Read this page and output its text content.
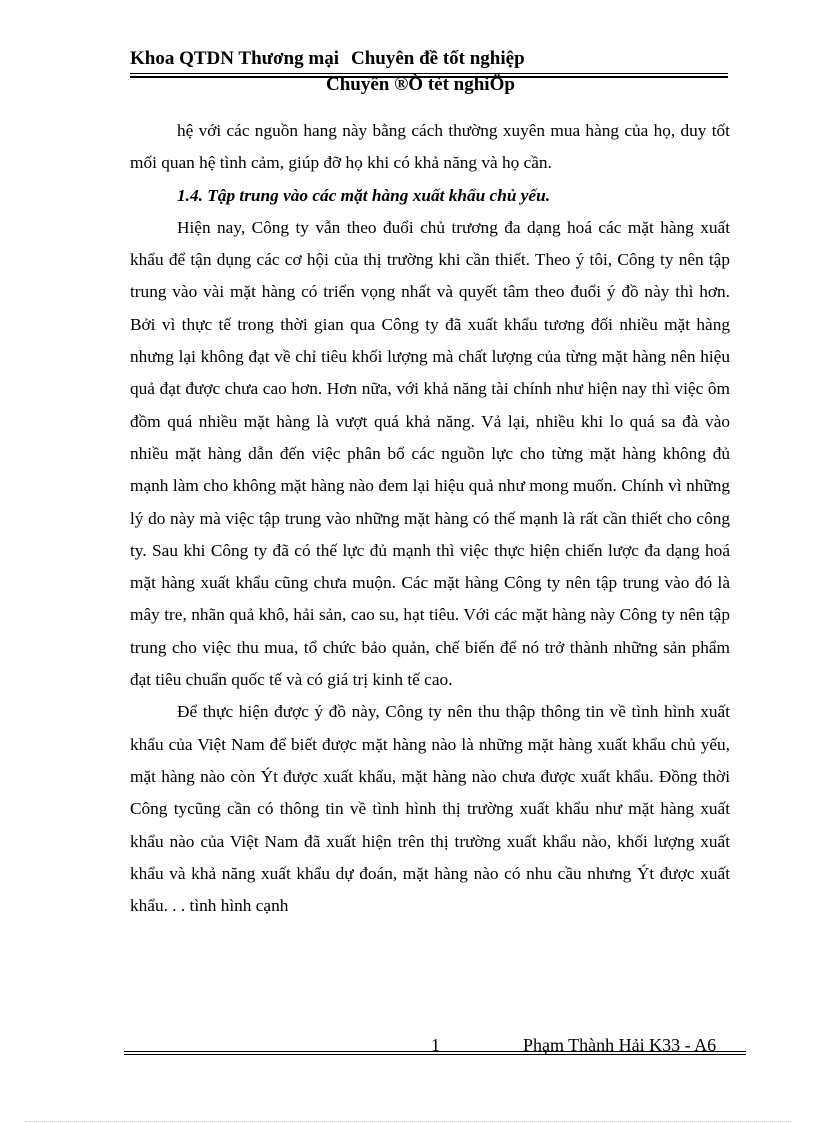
Khoa QTDN Thương mại Chuyên đề tốt nghiệp
Chuyên ®Ò tèt nghiÖp

hệ với các nguồn hang này bằng cách thường xuyên mua hàng của họ, duy tốt mối quan hệ tình cảm, giúp đỡ họ khi có khả năng và họ cần.

1.4. Tập trung vào các mặt hàng xuất khẩu chủ yếu.

Hiện nay, Công ty vẫn theo đuổi chủ trương đa dạng hoá các mặt hàng xuất khẩu để tận dụng các cơ hội của thị trường khi cần thiết. Theo ý tôi, Công ty nên tập trung vào vài mặt hàng có triển vọng nhất và quyết tâm theo đuổi ý đồ này thì hơn. Bởi vì thực tế trong thời gian qua Công ty đã xuất khẩu tương đối nhiều mặt hàng nhưng lại không đạt về chỉ tiêu khối lượng mà chất lượng của từng mặt hàng nên hiệu quả đạt được chưa cao hơn. Hơn nữa, với khả năng tài chính như hiện nay thì việc ôm đồm quá nhiều mặt hàng là vượt quá khả năng. Vả lại, nhiều khi lo quá sa đà vào nhiều mặt hàng dẫn đến việc phân bổ các nguồn lực cho từng mặt hàng không đủ mạnh làm cho không mặt hàng nào đem lại hiệu quả như mong muốn. Chính vì những lý do này mà việc tập trung vào những mặt hàng có thế mạnh là rất cần thiết cho công ty. Sau khi Công ty đã có thế lực đủ mạnh thì việc thực hiện chiến lược đa dạng hoá mặt hàng xuất khẩu cũng chưa muộn. Các mặt hàng Công ty nên tập trung vào đó là mây tre, nhãn quả khô, hải sản, cao su, hạt tiêu. Với các mặt hàng này Công ty nên tập trung cho việc thu mua, tổ chức bảo quản, chế biến để nó trở thành những sản phẩm đạt tiêu chuẩn quốc tế và có giá trị kinh tế cao.

Để thực hiện được ý đồ này, Công ty nên thu thập thông tin về tình hình xuất khẩu của Việt Nam để biết được mặt hàng nào là những mặt hàng xuất khẩu chủ yếu, mặt hàng nào còn Ýt được xuất khẩu, mặt hàng nào chưa được xuất khẩu. Đồng thời Công tycũng cần có thông tin về tình hình thị trường xuất khẩu như mặt hàng xuất khẩu nào của Việt Nam đã xuất hiện trên thị trường xuất khẩu nào, khối lượng xuất khẩu và khả năng xuất khẩu dự đoán, mặt hàng nào có nhu cầu nhưng Ýt được xuất khẩu. . . tình hình cạnh

1	Phạm Thành Hải K33 - A6
